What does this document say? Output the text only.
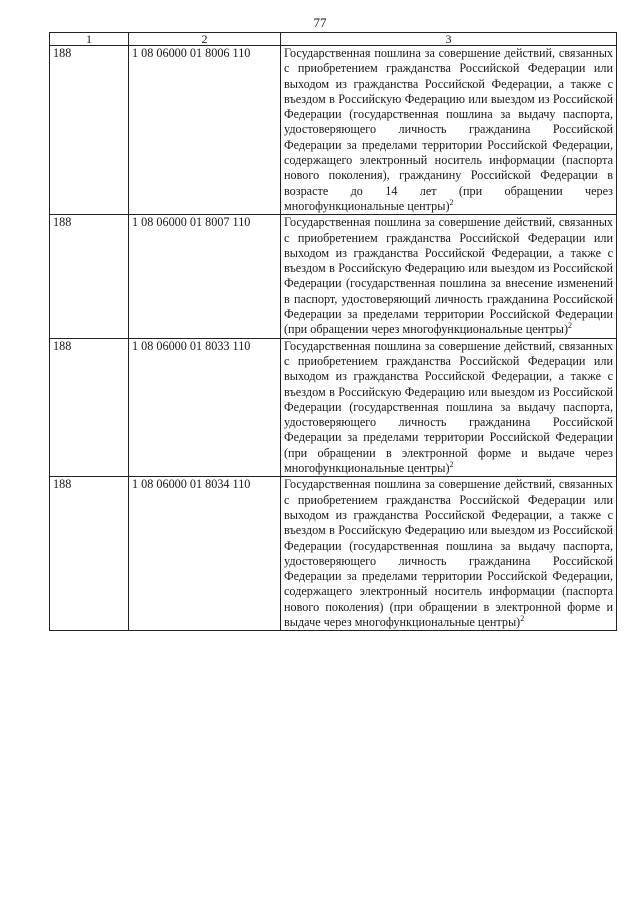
77
1	2	3
188	1 08 06000 01 8006 110	Государственная пошлина за совершение действий, связанных с приобретением гражданства Российской Федерации или выходом из гражданства Российской Федерации, а также с въездом в Российскую Федерацию или выездом из Российской Федерации (государственная пошлина за выдачу паспорта, удостоверяющего личность гражданина Российской Федерации за пределами территории Российской Федерации, содержащего электронный носитель информации (паспорта нового поколения), гражданину Российской Федерации в возрасте до 14 лет (при обращении через многофункциональные центры)$^2$
188	1 08 06000 01 8007 110	Государственная пошлина за совершение действий, связанных с приобретением гражданства Российской Федерации или выходом из гражданства Российской Федерации, а также с въездом в Российскую Федерацию или выездом из Российской Федерации (государственная пошлина за внесение изменений в паспорт, удостоверяющий личность гражданина Российской Федерации за пределами территории Российской Федерации (при обращении через многофункциональные центры)$^2$
188	1 08 06000 01 8033 110	Государственная пошлина за совершение действий, связанных с приобретением гражданства Российской Федерации или выходом из гражданства Российской Федерации, а также с въездом в Российскую Федерацию или выездом из Российской Федерации (государственная пошлина за выдачу паспорта, удостоверяющего личность гражданина Российской Федерации за пределами территории Российской Федерации (при обращении в электронной форме и выдаче через многофункциональные центры)$^2$
188	1 08 06000 01 8034 110	Государственная пошлина за совершение действий, связанных с приобретением гражданства Российской Федерации или выходом из гражданства Российской Федерации, а также с въездом в Российскую Федерацию или выездом из Российской Федерации (государственная пошлина за выдачу паспорта, удостоверяющего личность гражданина Российской Федерации за пределами территории Российской Федерации, содержащего электронный носитель информации (паспорта нового поколения) (при обращении в электронной форме и выдаче через многофункциональные центры)$^2$
